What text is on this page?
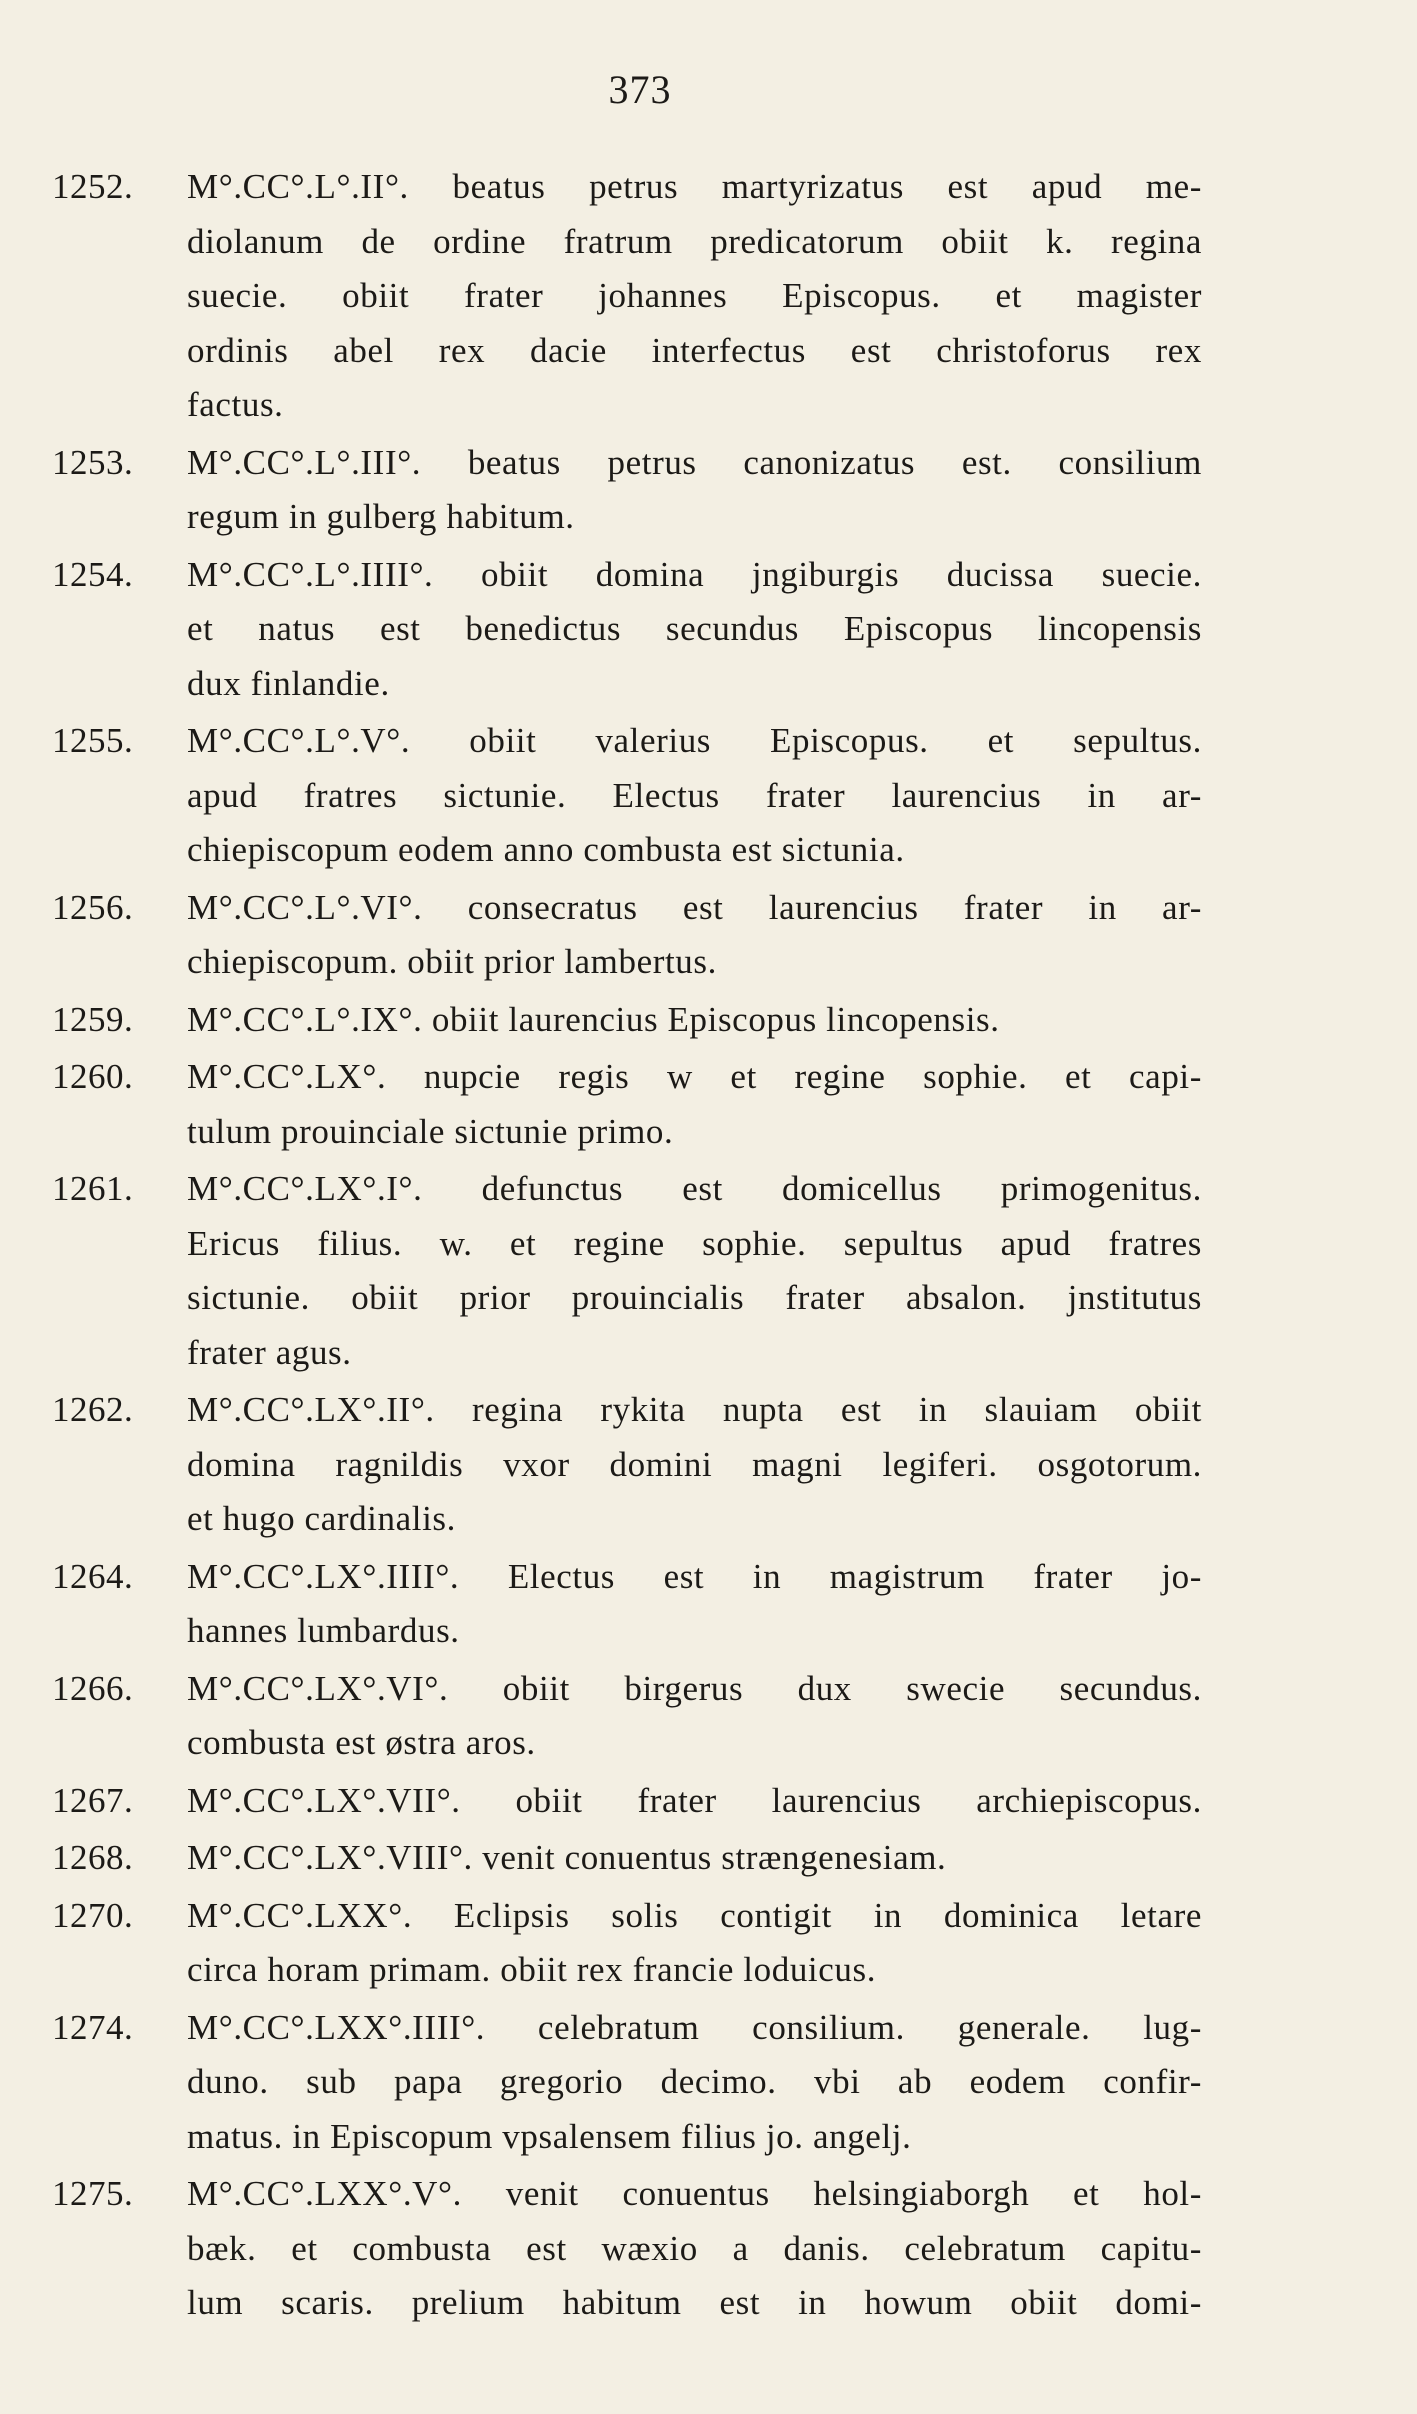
373
1252. M°.CC°.L°.II°. beatus petrus martyrizatus est apud me-
diolanum de ordine fratrum predicatorum obiit k. regina
suecie. obiit frater johannes Episcopus. et magister
ordinis abel rex dacie interfectus est christoforus rex
factus.
1253. M°.CC°.L°.III°. beatus petrus canonizatus est. consilium
regum in gulberg habitum.
1254. M°.CC°.L°.IIII°. obiit domina jngiburgis ducissa suecie.
et natus est benedictus secundus Episcopus lincopensis
dux finlandie.
1255. M°.CC°.L°.V°. obiit valerius Episcopus. et sepultus.
apud fratres sictunie. Electus frater laurencius in ar-
chiepiscopum eodem anno combusta est sictunia.
1256. M°.CC°.L°.VI°. consecratus est laurencius frater in ar-
chiepiscopum. obiit prior lambertus.
1259. M°.CC°.L°.IX°. obiit laurencius Episcopus lincopensis.
1260. M°.CC°.LX°. nupcie regis w et regine sophie. et capi-
tulum prouinciale sictunie primo.
1261. M°.CC°.LX°.I°. defunctus est domicellus primogenitus.
Ericus filius. w. et regine sophie. sepultus apud fratres
sictunie. obiit prior prouincialis frater absalon. jnstitutus
frater agus.
1262. M°.CC°.LX°.II°. regina rykita nupta est in slauiam obiit
domina ragnildis vxor domini magni legiferi. osgotorum.
et hugo cardinalis.
1264. M°.CC°.LX°.IIII°. Electus est in magistrum frater jo-
hannes lumbardus.
1266. M°.CC°.LX°.VI°. obiit birgerus dux swecie secundus.
combusta est østra aros.
1267. M°.CC°.LX°.VII°. obiit frater laurencius archiepiscopus.
1268. M°.CC°.LX°.VIII°. venit conuentus strængenesiam.
1270. M°.CC°.LXX°. Eclipsis solis contigit in dominica letare
circa horam primam. obiit rex francie loduicus.
1274. M°.CC°.LXX°.IIII°. celebratum consilium. generale. lug-
duno. sub papa gregorio decimo. vbi ab eodem confir-
matus. in Episcopum vpsalensem filius jo. angelj.
1275. M°.CC°.LXX°.V°. venit conuentus helsingiaborgh et hol-
bæk. et combusta est wæxio a danis. celebratum capitu-
lum scaris. prelium habitum est in howum obiit domi-
